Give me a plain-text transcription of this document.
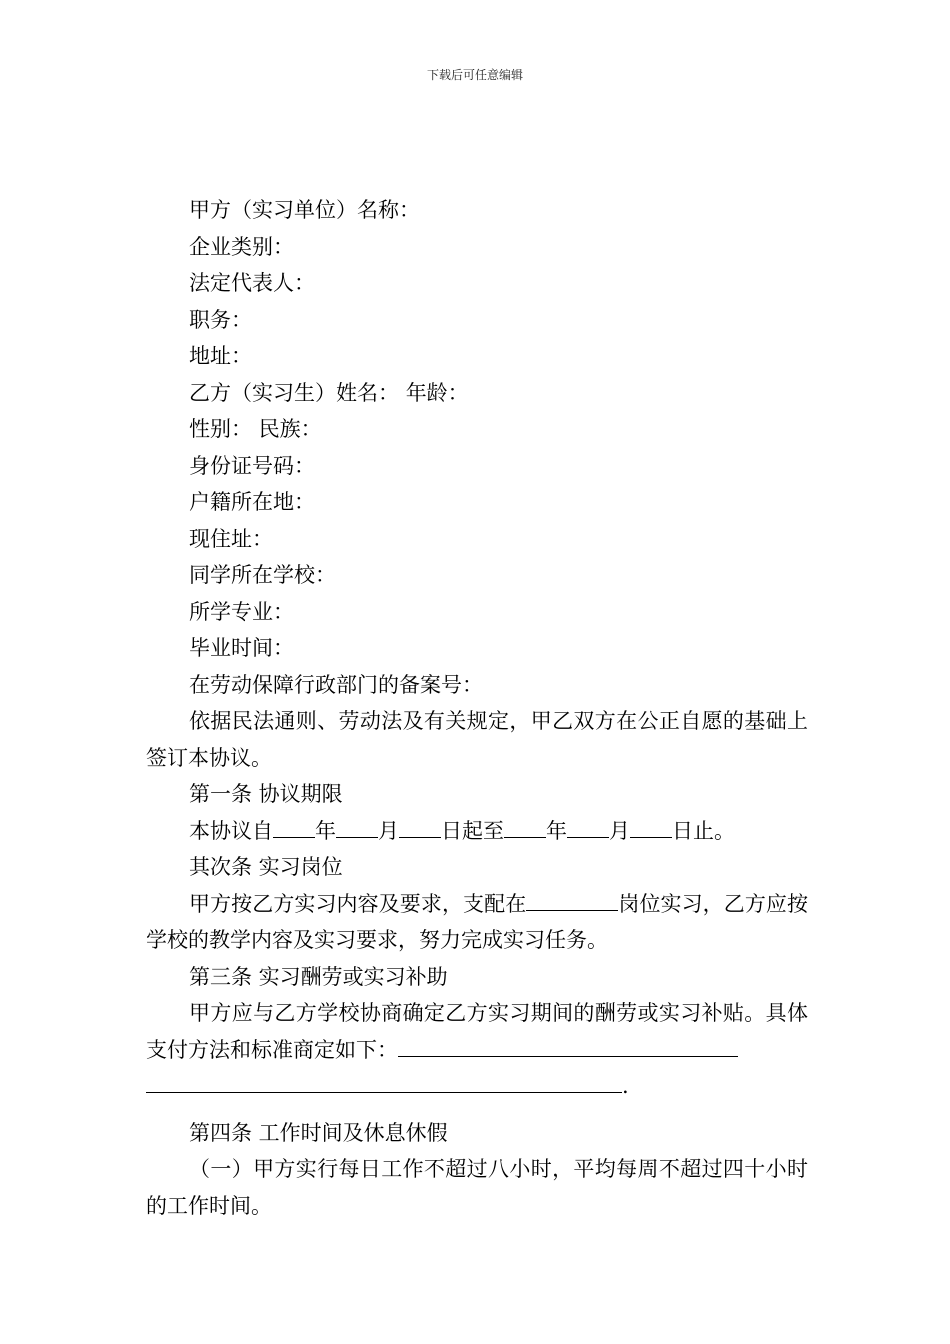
下载后可任意编辑
甲方（实习单位）名称：
企业类别：
法定代表人：
职务：
地址：
乙方（实习生）姓名： 年龄：
性别： 民族：
身份证号码：
户籍所在地：
现住址：
同学所在学校：
所学专业：
毕业时间：
在劳动保障行政部门的备案号：
依据民法通则、劳动法及有关规定，甲乙双方在公正自愿的基础上签订本协议。
第一条 协议期限
本协议自 年 月 日起至 年 月 日止。
其次条 实习岗位
甲方按乙方实习内容及要求，支配在	岗位实习，乙方应按学校的教学内容及实习要求，努力完成实习任务。
第三条 实习酬劳或实习补助
甲方应与乙方学校协商确定乙方实习期间的酬劳或实习补贴。具体支付方法和标准商定如下：
.
第四条 工作时间及休息休假
（一）甲方实行每日工作不超过八小时，平均每周不超过四十小时的工作时间。
